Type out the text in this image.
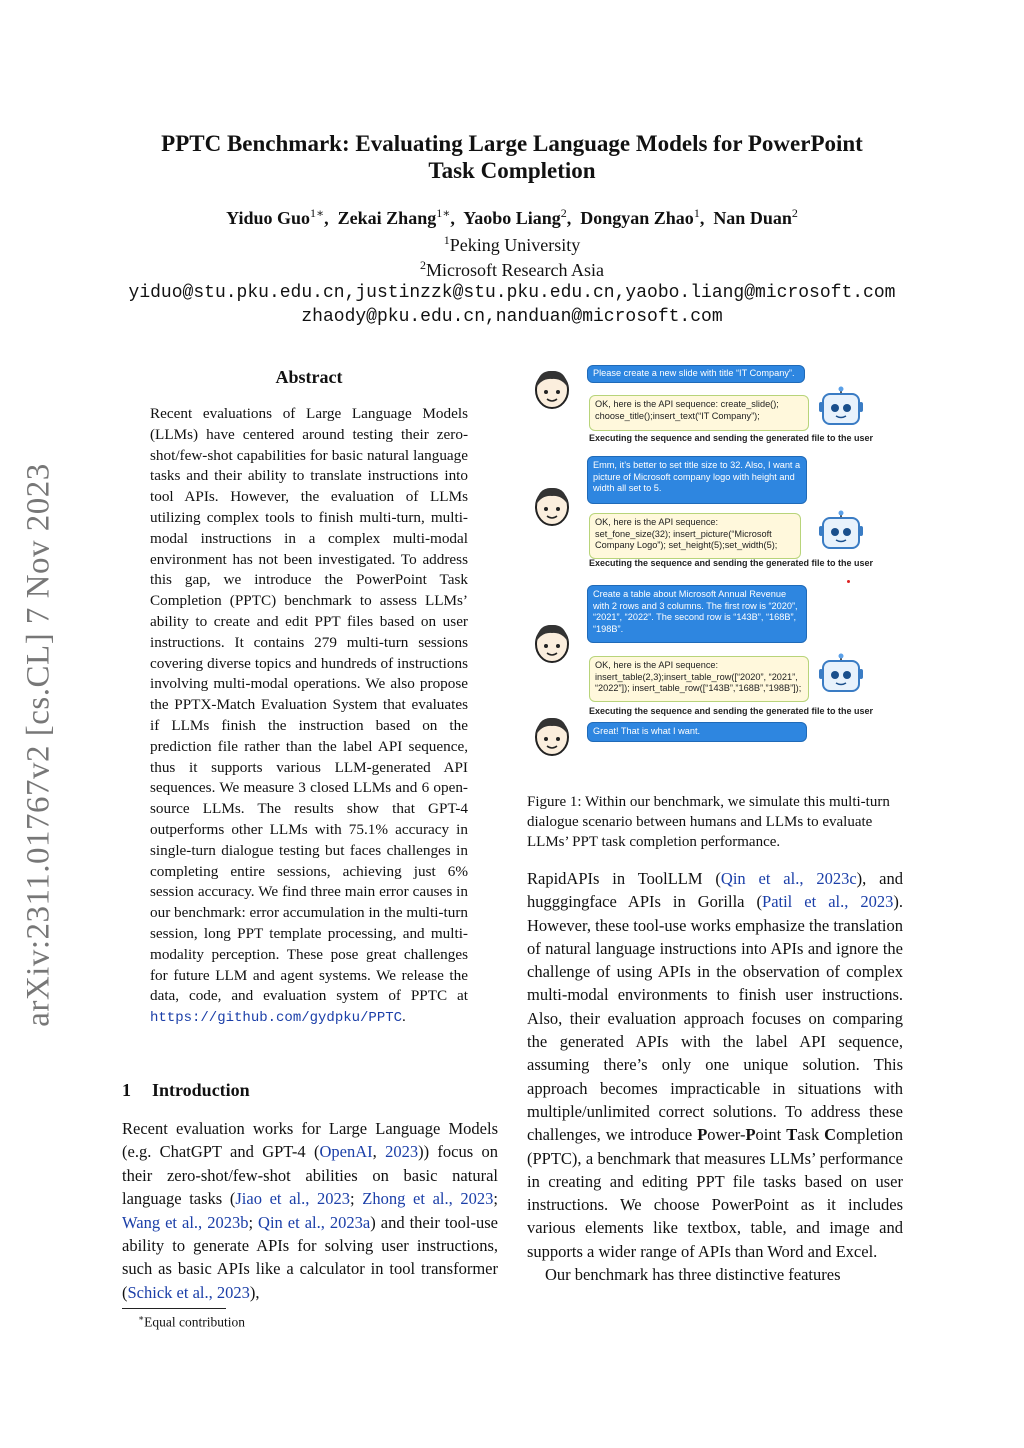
PPTC Benchmark: Evaluating Large Language Models for PowerPoint
Task Completion
Yiduo Guo$^{1∗}$,  Zekai Zhang$^{1∗}$,  Yaobo Liang$^2$,  Dongyan Zhao$^1$,  Nan Duan$^2$
$^1$Peking University
$^2$Microsoft Research Asia
yiduo@stu.pku.edu.cn,justinzzk@stu.pku.edu.cn,yaobo.liang@microsoft.com
zhaody@pku.edu.cn,nanduan@microsoft.com
arXiv:2311.01767v2 [cs.CL] 7 Nov 2023
Abstract
Recent evaluations of Large Language Models (LLMs) have centered around testing their zero-shot/few-shot capabilities for basic natural language tasks and their ability to translate instructions into tool APIs. However, the evaluation of LLMs utilizing complex tools to finish multi-turn, multi-modal instructions in a complex multi-modal environment has not been investigated. To address this gap, we introduce the PowerPoint Task Completion (PPTC) benchmark to assess LLMs’ ability to create and edit PPT files based on user instructions. It contains 279 multi-turn sessions covering diverse topics and hundreds of instructions involving multi-modal operations. We also propose the PPTX-Match Evaluation System that evaluates if LLMs finish the instruction based on the prediction file rather than the label API sequence, thus it supports various LLM-generated API sequences. We measure 3 closed LLMs and 6 open-source LLMs. The results show that GPT-4 outperforms other LLMs with 75.1% accuracy in single-turn dialogue testing but faces challenges in completing entire sessions, achieving just 6% session accuracy. We find three main error causes in our benchmark: error accumulation in the multi-turn session, long PPT template processing, and multi-modality perception. These pose great challenges for future LLM and agent systems. We release the data, code, and evaluation system of PPTC at https://github.com/gydpku/PPTC.
1 Introduction
Recent evaluation works for Large Language Models (e.g. ChatGPT and GPT-4 (OpenAI, 2023)) focus on their zero-shot/few-shot abilities on basic natural language tasks (Jiao et al., 2023; Zhong et al., 2023; Wang et al., 2023b; Qin et al., 2023a) and their tool-use ability to generate APIs for solving user instructions, such as basic APIs like a calculator in tool transformer (Schick et al., 2023),
∗Equal contribution
Please create a new slide with title “IT Company”.
OK, here is the API sequence: create_slide(); choose_title();insert_text(“IT Company”);
Executing the sequence and sending the generated file to the user
Emm, it’s better to set title size to 32. Also, I want a picture of Microsoft company logo with height and width all set to 5.
OK, here is the API sequence: set_fone_size(32); insert_picture(“Microsoft Company Logo”); set_height(5);set_width(5);
Executing the sequence and sending the generated file to the user
Create a table about Microsoft Annual Revenue with 2 rows and 3 columns. The first row is “2020”, “2021”, “2022”. The second row is “143B”, “168B”, “198B”.
OK, here is the API sequence: insert_table(2,3);insert_table_row([“2020”, “2021”, “2022”]); insert_table_row([“143B”,”168B”,”198B”]);
Executing the sequence and sending the generated file to the user
Great! That is what I want.
Figure 1: Within our benchmark, we simulate this multi-turn dialogue scenario between humans and LLMs to evaluate LLMs’ PPT task completion performance.

RapidAPIs in ToolLLM (Qin et al., 2023c), and hugggingface APIs in Gorilla (Patil et al., 2023). However, these tool-use works emphasize the translation of natural language instructions into APIs and ignore the challenge of using APIs in the observation of complex multi-modal environments to finish user instructions. Also, their evaluation approach focuses on comparing the generated APIs with the label API sequence, assuming there’s only one unique solution. This approach becomes impracticable in situations with multiple/unlimited correct solutions. To address these challenges, we introduce Power-Point Task Completion (PPTC), a benchmark that measures LLMs’ performance in creating and editing PPT file tasks based on user instructions. We choose PowerPoint as it includes various elements like textbox, table, and image and supports a wider range of APIs than Word and Excel.

Our benchmark has three distinctive features
